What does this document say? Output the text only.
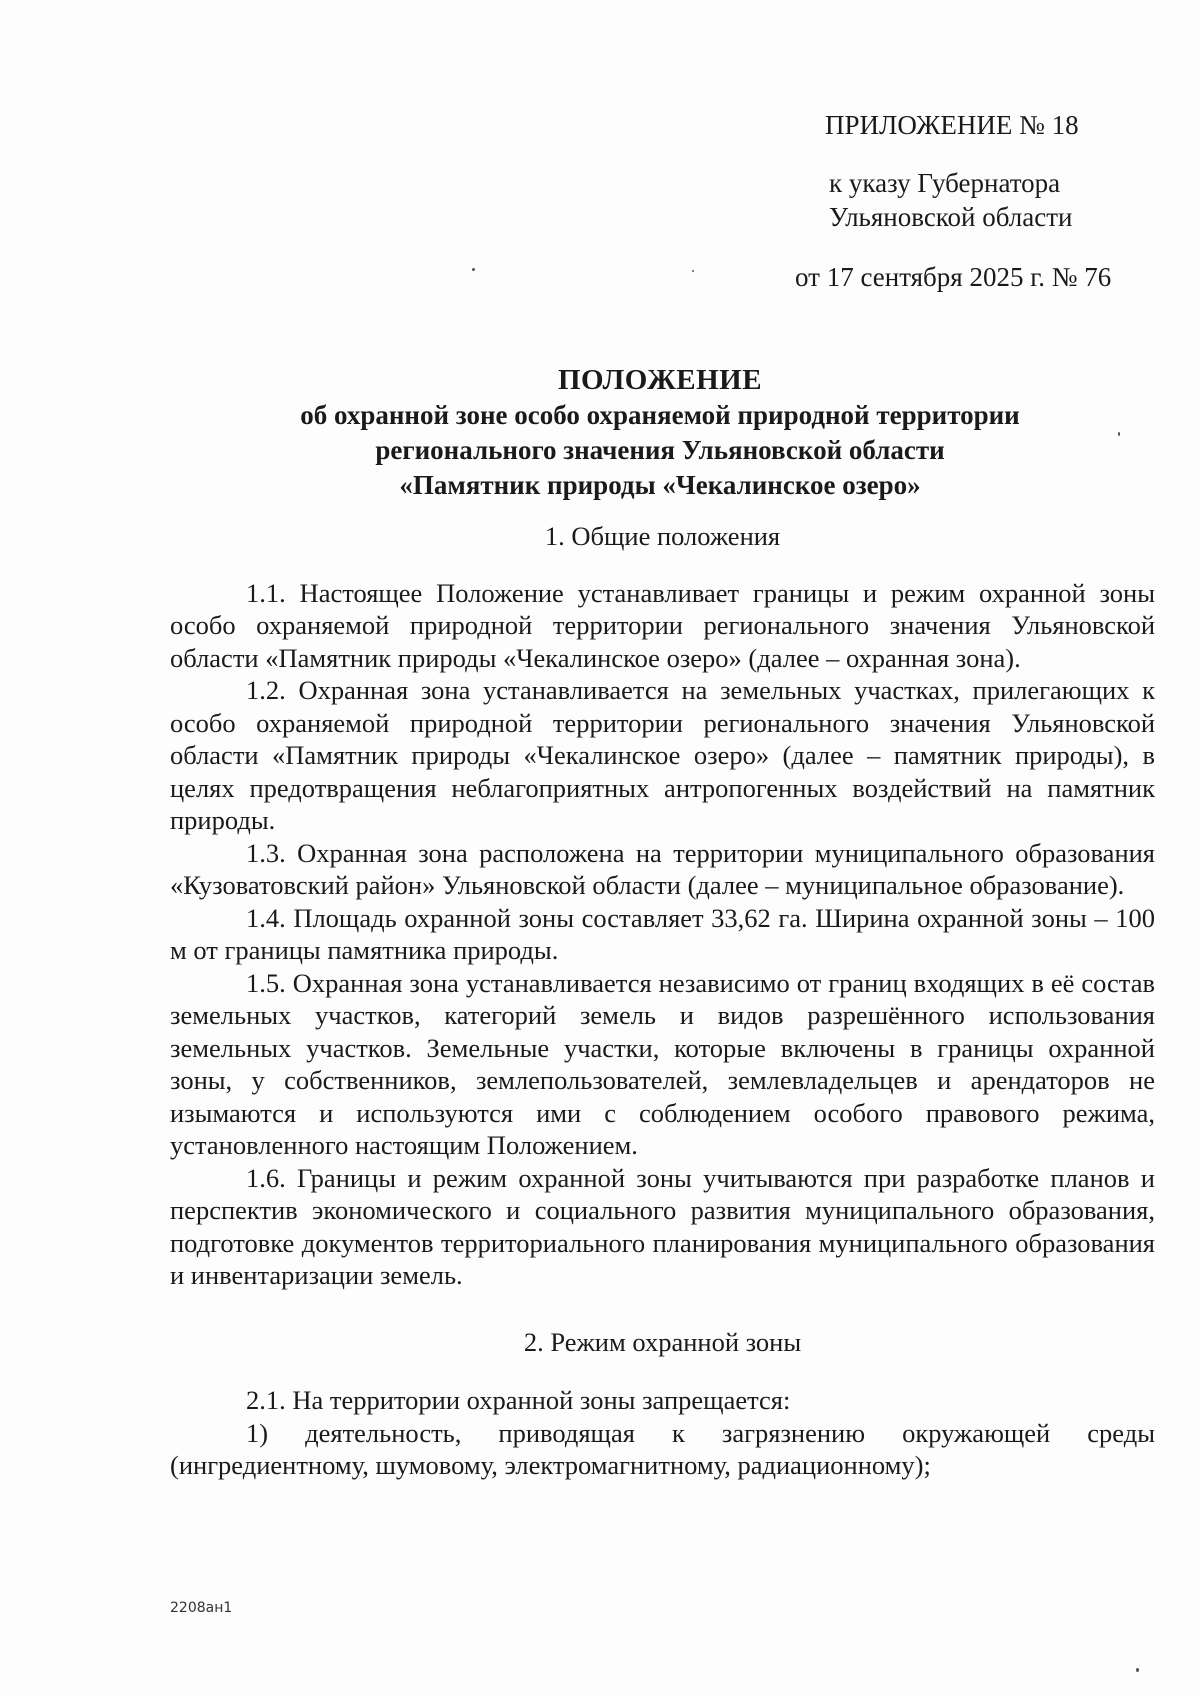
ПРИЛОЖЕНИЕ № 18
к указу Губернатора
Ульяновской области
от 17 сентября 2025 г. № 76
ПОЛОЖЕНИЕ
об охранной зоне особо охраняемой природной территории
регионального значения Ульяновской области
«Памятник природы «Чекалинское озеро»

1. Общие положения

1.1. Настоящее Положение устанавливает границы и режим охранной зоны особо охраняемой природной территории регионального значения Ульяновской области «Памятник природы «Чекалинское озеро» (далее – охранная зона).

1.2. Охранная зона устанавливается на земельных участках, прилегающих к особо охраняемой природной территории регионального значения Ульяновской области «Памятник природы «Чекалинское озеро» (далее – памятник природы), в целях предотвращения неблагоприятных антропогенных воздействий на памятник природы.

1.3. Охранная зона расположена на территории муниципального образования «Кузоватовский район» Ульяновской области (далее – муниципальное образование).

1.4. Площадь охранной зоны составляет 33,62 га. Ширина охранной зоны – 100 м от границы памятника природы.

1.5. Охранная зона устанавливается независимо от границ входящих в её состав земельных участков, категорий земель и видов разрешённого использования земельных участков. Земельные участки, которые включены в границы охранной зоны, у собственников, землепользователей, землевладельцев и арендаторов не изымаются и используются ими с соблюдением особого правового режима, установленного настоящим Положением.

1.6. Границы и режим охранной зоны учитываются при разработке планов и перспектив экономического и социального развития муниципального образования, подготовке документов территориального планирования муниципального образования и инвентаризации земель.

2. Режим охранной зоны

2.1. На территории охранной зоны запрещается:

1) деятельность, приводящая к загрязнению окружающей среды (ингредиентному, шумовому, электромагнитному, радиационному);

2208ан1
